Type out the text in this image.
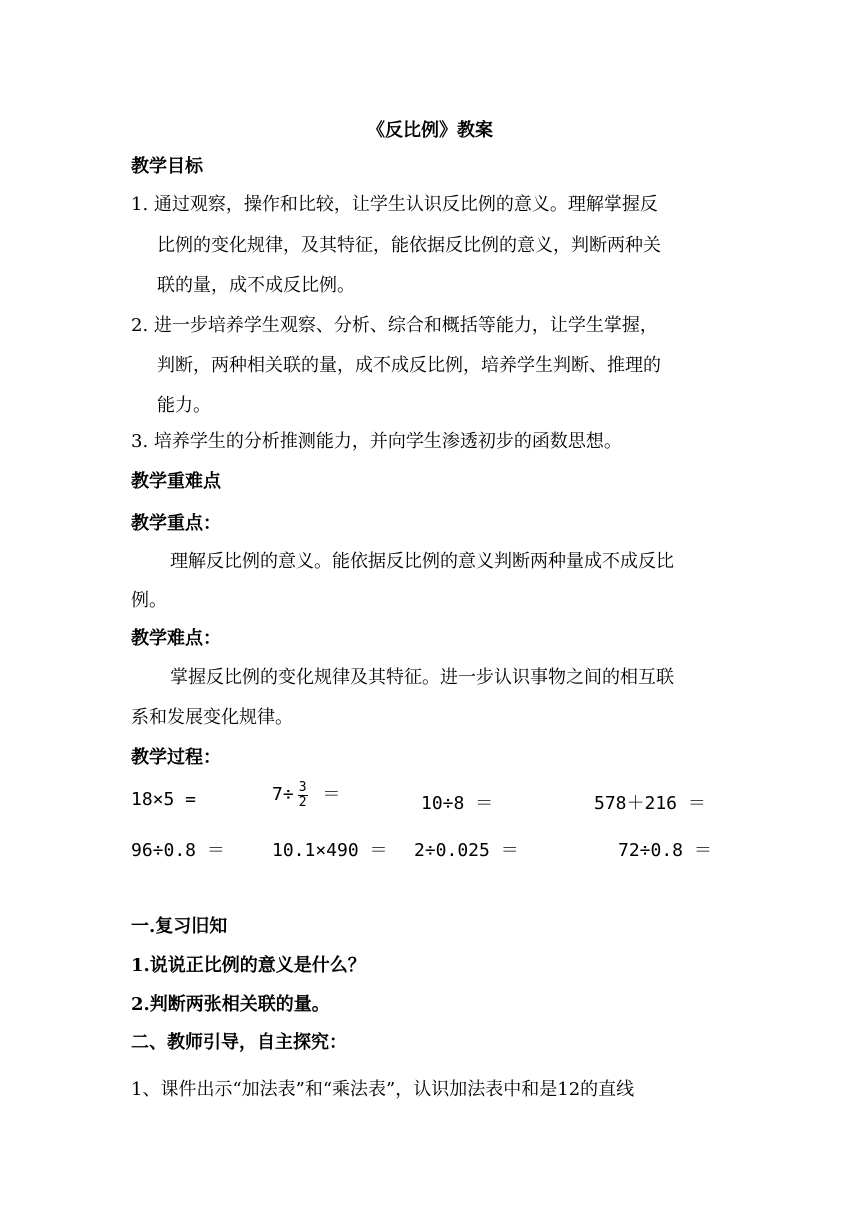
《反比例》教案
教学目标
1. 通过观察，操作和比较，让学生认识反比例的意义。理解掌握反
比例的变化规律，及其特征，能依据反比例的意义，判断两种关
联的量，成不成反比例。
2. 进一步培养学生观察、分析、综合和概括等能力，让学生掌握，
判断，两种相关联的量，成不成反比例，培养学生判断、推理的
能力。
3. 培养学生的分析推测能力，并向学生渗透初步的函数思想。
教学重难点
教学重点：
理解反比例的意义。能依据反比例的意义判断两种量成不成反比
例。
教学难点：
掌握反比例的变化规律及其特征。进一步认识事物之间的相互联
系和发展变化规律。
教学过程：
18×5 =	$7\div \frac{3}{2}$ ＝	10÷8 ＝	578＋216 ＝
96÷0.8 ＝	10.1×490 ＝ 2÷0.025 ＝	72÷0.8 ＝
一.复习旧知
1.说说正比例的意义是什么？
2.判断两张相关联的量。
二、教师引导，自主探究：
1、课件出示“加法表”和“乘法表”，认识加法表中和是12的直线
